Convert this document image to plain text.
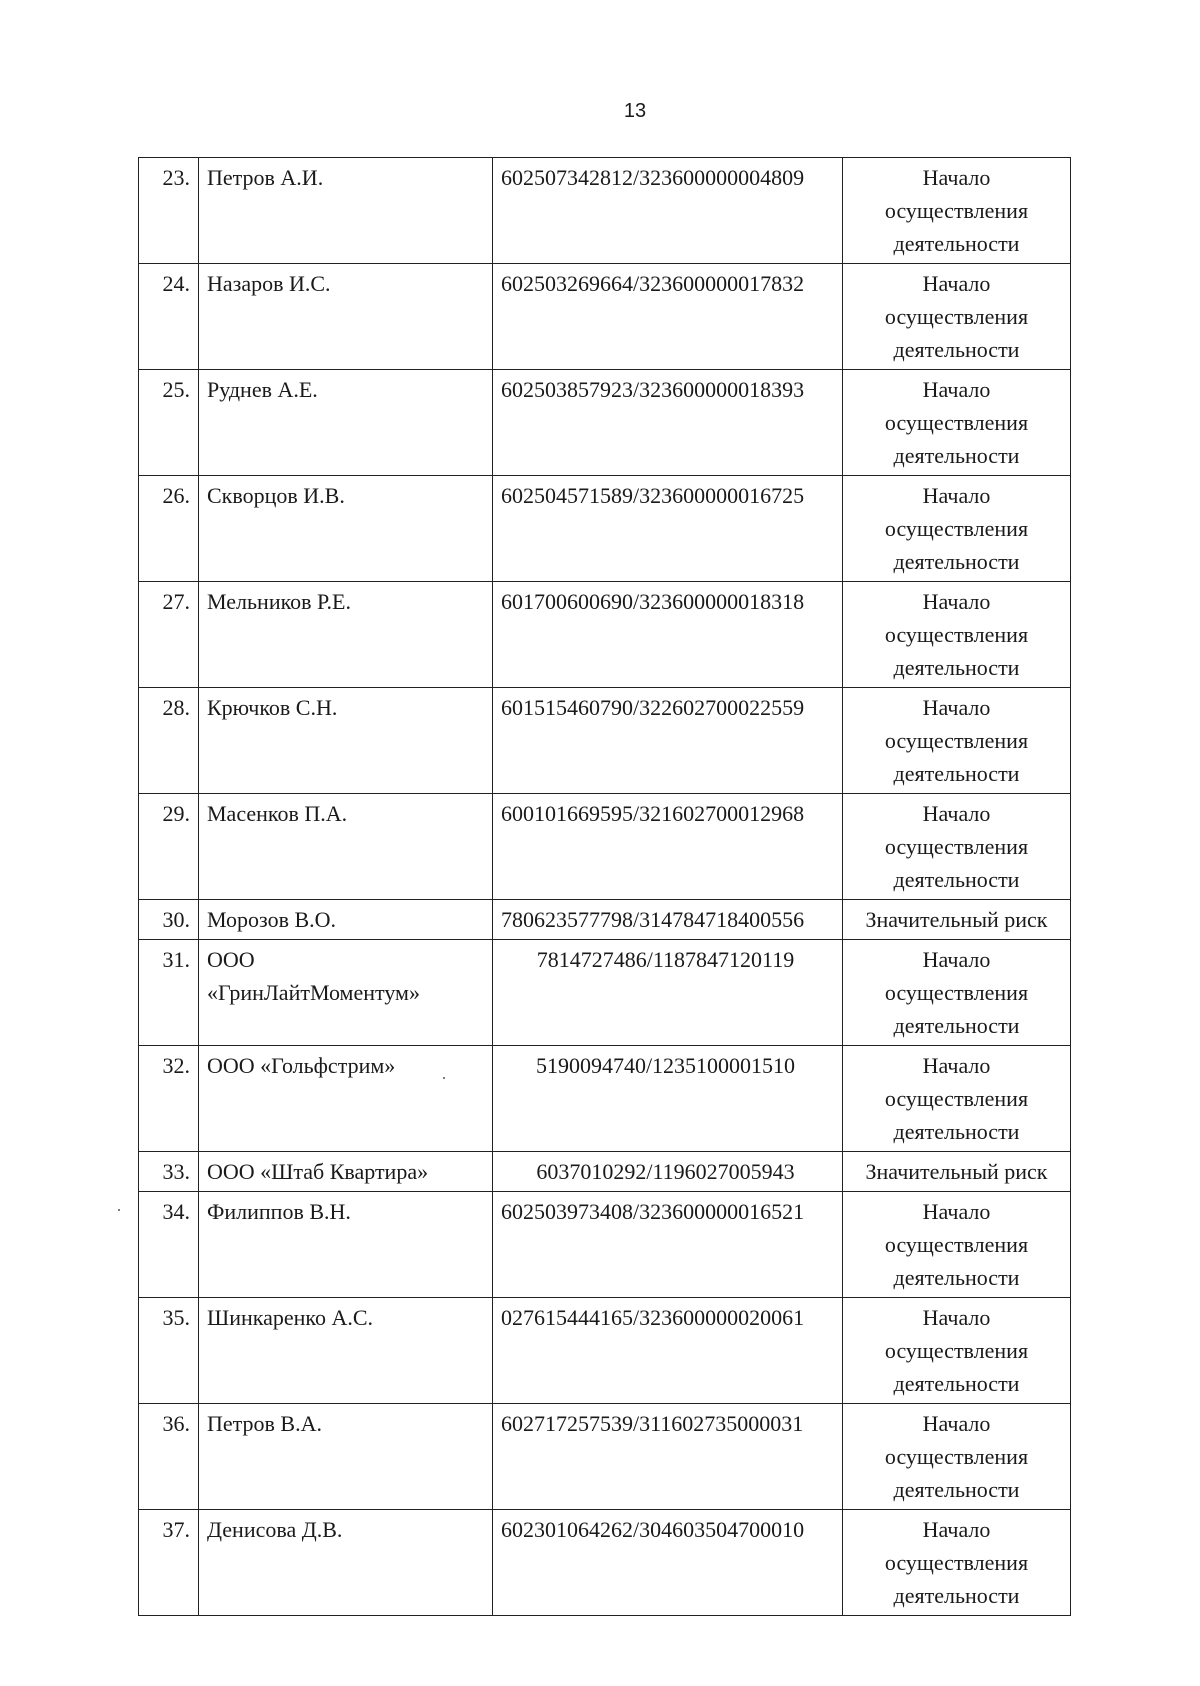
13
23.	Петров А.И.	602507342812/323600000004809	Начало
осуществления
деятельности

24.	Назаров И.С.	602503269664/323600000017832	Начало
осуществления
деятельности

25.	Руднев А.Е.	602503857923/323600000018393	Начало
осуществления
деятельности

26.	Скворцов И.В.	602504571589/323600000016725	Начало
осуществления
деятельности

27.	Мельников Р.Е.	601700600690/323600000018318	Начало
осуществления
деятельности

28.	Крючков С.Н.	601515460790/322602700022559	Начало
осуществления
деятельности

29.	Масенков П.А.	600101669595/321602700012968	Начало
осуществления
деятельности

30.	Морозов В.О.	780623577798/314784718400556	Значительный риск

31.	ООО
«ГринЛайтМоментум»	7814727486/1187847120119	Начало
осуществления
деятельности

32.	ООО «Гольфстрим»	5190094740/1235100001510	Начало
осуществления
деятельности

33.	ООО «Штаб Квартира»	6037010292/1196027005943	Значительный риск

34.	Филиппов В.Н.	602503973408/323600000016521	Начало
осуществления
деятельности

35.	Шинкаренко А.С.	027615444165/323600000020061	Начало
осуществления
деятельности

36.	Петров В.А.	602717257539/311602735000031	Начало
осуществления
деятельности

37.	Денисова Д.В.	602301064262/304603504700010	Начало
осуществления
деятельности
